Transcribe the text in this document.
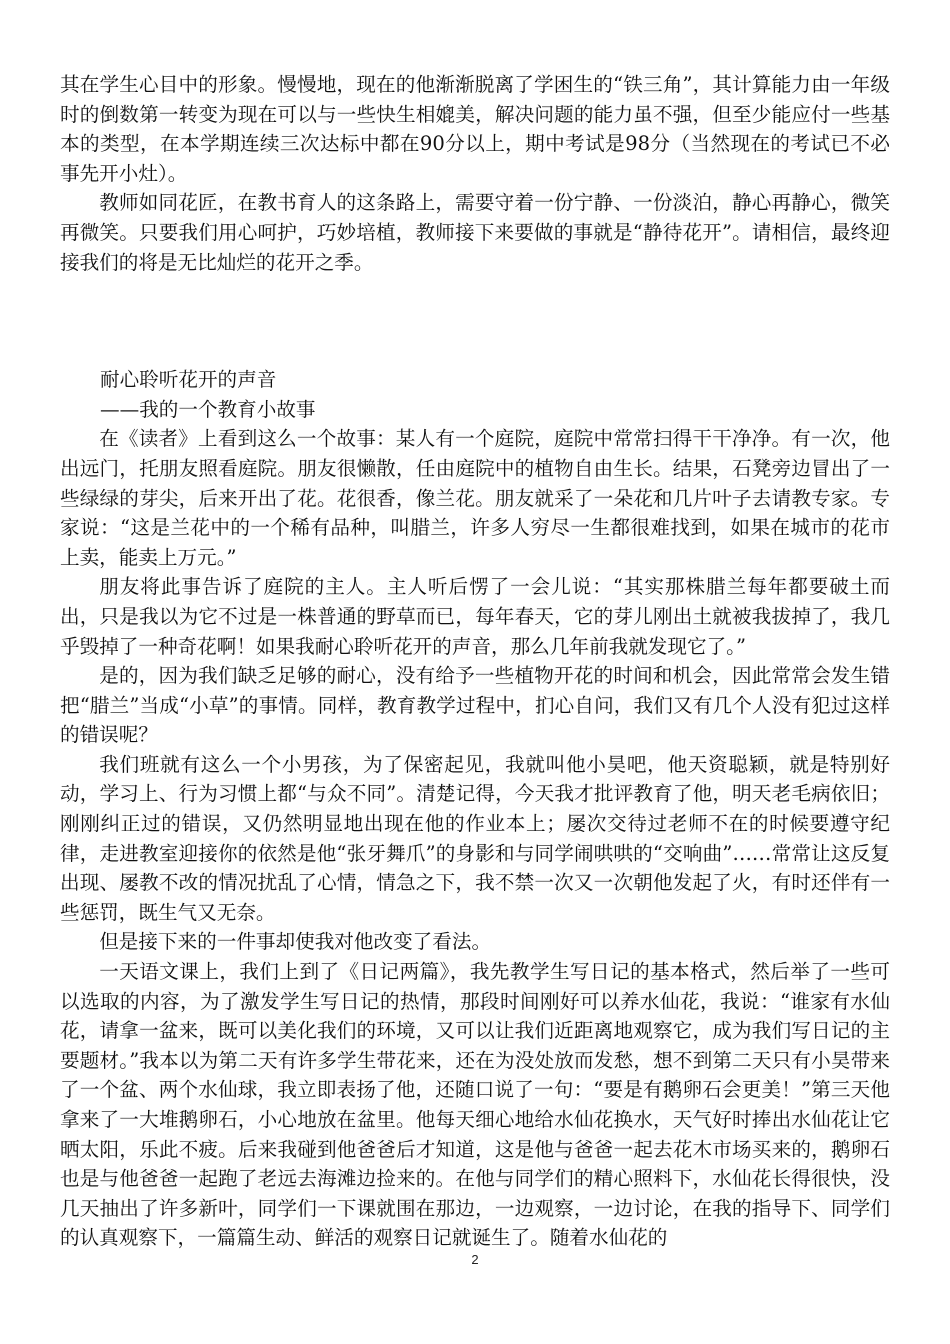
其在学生心目中的形象。慢慢地，现在的他渐渐脱离了学困生的“铁三角”，其计算能力由一年级时的倒数第一转变为现在可以与一些快生相媲美，解决问题的能力虽不强，但至少能应付一些基本的类型，在本学期连续三次达标中都在90分以上，期中考试是98分（当然现在的考试已不必事先开小灶）。

教师如同花匠，在教书育人的这条路上，需要守着一份宁静、一份淡泊，静心再静心，微笑再微笑。只要我们用心呵护，巧妙培植，教师接下来要做的事就是“静待花开”。请相信，最终迎接我们的将是无比灿烂的花开之季。

耐心聆听花开的声音

——我的一个教育小故事

在《读者》上看到这么一个故事：某人有一个庭院，庭院中常常扫得干干净净。有一次，他出远门，托朋友照看庭院。朋友很懒散，任由庭院中的植物自由生长。结果，石凳旁边冒出了一些绿绿的芽尖，后来开出了花。花很香，像兰花。朋友就采了一朵花和几片叶子去请教专家。专家说：“这是兰花中的一个稀有品种，叫腊兰，许多人穷尽一生都很难找到，如果在城市的花市上卖，能卖上万元。”

朋友将此事告诉了庭院的主人。主人听后愣了一会儿说：“其实那株腊兰每年都要破土而出，只是我以为它不过是一株普通的野草而已，每年春天，它的芽儿刚出土就被我拔掉了，我几乎毁掉了一种奇花啊！如果我耐心聆听花开的声音，那么几年前我就发现它了。”

是的，因为我们缺乏足够的耐心，没有给予一些植物开花的时间和机会，因此常常会发生错把“腊兰”当成“小草”的事情。同样，教育教学过程中，扪心自问，我们又有几个人没有犯过这样的错误呢？

我们班就有这么一个小男孩，为了保密起见，我就叫他小昊吧，他天资聪颖，就是特别好动，学习上、行为习惯上都“与众不同”。清楚记得，今天我才批评教育了他，明天老毛病依旧；刚刚纠正过的错误，又仍然明显地出现在他的作业本上；屡次交待过老师不在的时候要遵守纪律，走进教室迎接你的依然是他“张牙舞爪”的身影和与同学闹哄哄的“交响曲”……常常让这反复出现、屡教不改的情况扰乱了心情，情急之下，我不禁一次又一次朝他发起了火，有时还伴有一些惩罚，既生气又无奈。

但是接下来的一件事却使我对他改变了看法。

一天语文课上，我们上到了《日记两篇》，我先教学生写日记的基本格式，然后举了一些可以选取的内容，为了激发学生写日记的热情，那段时间刚好可以养水仙花，我说：“谁家有水仙花，请拿一盆来，既可以美化我们的环境，又可以让我们近距离地观察它，成为我们写日记的主要题材。”我本以为第二天有许多学生带花来，还在为没处放而发愁，想不到第二天只有小昊带来了一个盆、两个水仙球，我立即表扬了他，还随口说了一句：“要是有鹅卵石会更美！”第三天他拿来了一大堆鹅卵石，小心地放在盆里。他每天细心地给水仙花换水，天气好时捧出水仙花让它晒太阳，乐此不疲。后来我碰到他爸爸后才知道，这是他与爸爸一起去花木市场买来的，鹅卵石也是与他爸爸一起跑了老远去海滩边捡来的。在他与同学们的精心照料下，水仙花长得很快，没几天抽出了许多新叶，同学们一下课就围在那边，一边观察，一边讨论，在我的指导下、同学们的认真观察下，一篇篇生动、鲜活的观察日记就诞生了。随着水仙花的

2
